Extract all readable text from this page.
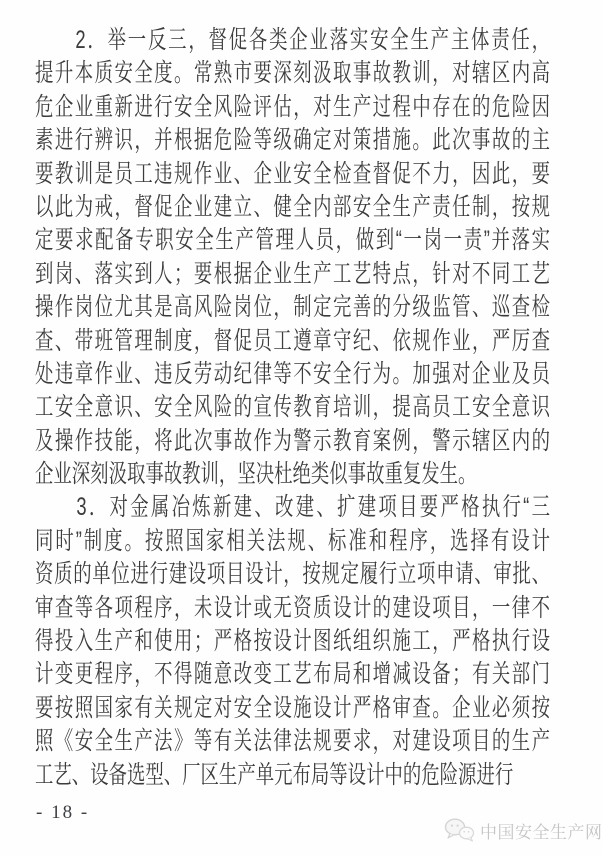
　　2．举一反三，督促各类企业落实安全生产主体责任，
提升本质安全度。常熟市要深刻汲取事故教训，对辖区内高
危企业重新进行安全风险评估，对生产过程中存在的危险因
素进行辨识，并根据危险等级确定对策措施。此次事故的主
要教训是员工违规作业、企业安全检查督促不力，因此，要
以此为戒，督促企业建立、健全内部安全生产责任制，按规
定要求配备专职安全生产管理人员，做到“一岗一责”并落实
到岗、落实到人；要根据企业生产工艺特点，针对不同工艺
操作岗位尤其是高风险岗位，制定完善的分级监管、巡查检
查、带班管理制度，督促员工遵章守纪、依规作业，严厉查
处违章作业、违反劳动纪律等不安全行为。加强对企业及员
工安全意识、安全风险的宣传教育培训，提高员工安全意识
及操作技能，将此次事故作为警示教育案例，警示辖区内的
企业深刻汲取事故教训，坚决杜绝类似事故重复发生。
　　3．对金属冶炼新建、改建、扩建项目要严格执行“三
同时”制度。按照国家相关法规、标准和程序，选择有设计
资质的单位进行建设项目设计，按规定履行立项申请、审批、
审查等各项程序，未设计或无资质设计的建设项目，一律不
得投入生产和使用；严格按设计图纸组织施工，严格执行设
计变更程序，不得随意改变工艺布局和增减设备；有关部门
要按照国家有关规定对安全设施设计严格审查。企业必须按
照《安全生产法》等有关法律法规要求，对建设项目的生产
工艺、设备选型、厂区生产单元布局等设计中的危险源进行
- 18 -
中国安全生产网
